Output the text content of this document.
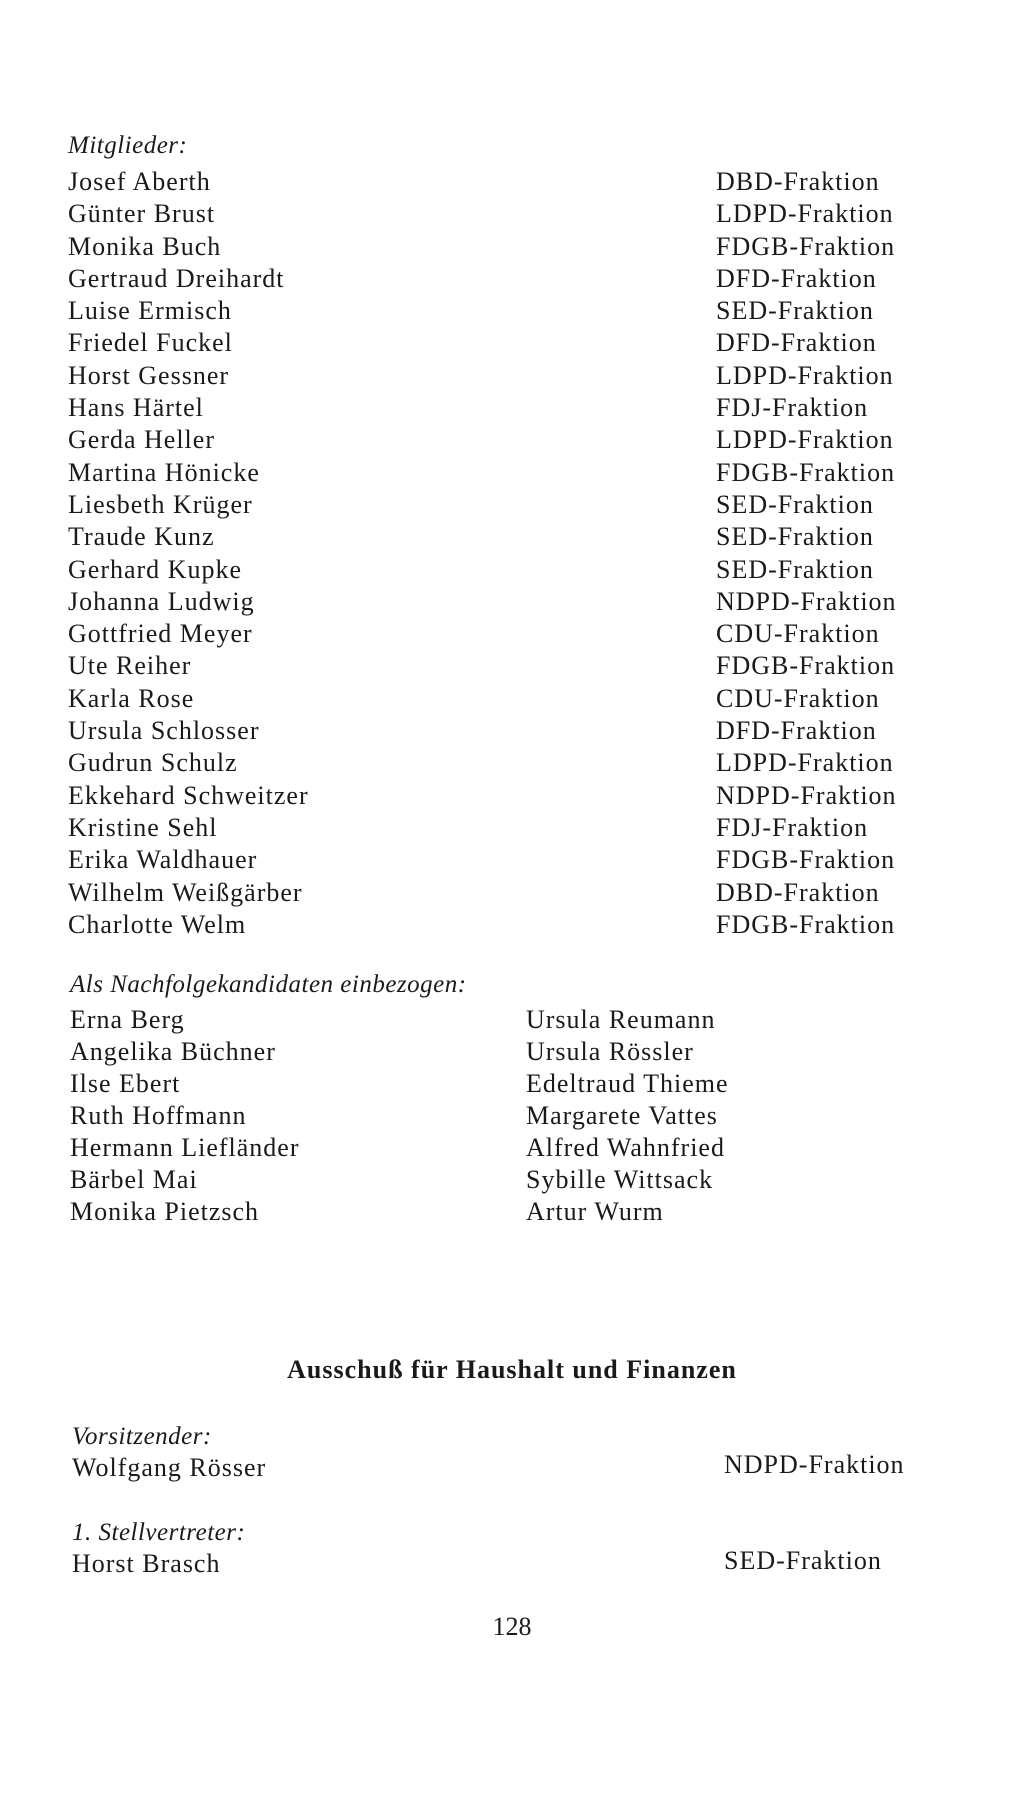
Mitglieder:
Josef Aberth	DBD-Fraktion
Günter Brust	LDPD-Fraktion
Monika Buch	FDGB-Fraktion
Gertraud Dreihardt	DFD-Fraktion
Luise Ermisch	SED-Fraktion
Friedel Fuckel	DFD-Fraktion
Horst Gessner	LDPD-Fraktion
Hans Härtel	FDJ-Fraktion
Gerda Heller	LDPD-Fraktion
Martina Hönicke	FDGB-Fraktion
Liesbeth Krüger	SED-Fraktion
Traude Kunz	SED-Fraktion
Gerhard Kupke	SED-Fraktion
Johanna Ludwig	NDPD-Fraktion
Gottfried Meyer	CDU-Fraktion
Ute Reiher	FDGB-Fraktion
Karla Rose	CDU-Fraktion
Ursula Schlosser	DFD-Fraktion
Gudrun Schulz	LDPD-Fraktion
Ekkehard Schweitzer	NDPD-Fraktion
Kristine Sehl	FDJ-Fraktion
Erika Waldhauer	FDGB-Fraktion
Wilhelm Weißgärber	DBD-Fraktion
Charlotte Welm	FDGB-Fraktion
Als Nachfolgekandidaten einbezogen:
Erna Berg	Ursula Reumann
Angelika Büchner	Ursula Rössler
Ilse Ebert	Edeltraud Thieme
Ruth Hoffmann	Margarete Vattes
Hermann Liefländer	Alfred Wahnfried
Bärbel Mai	Sybille Wittsack
Monika Pietzsch	Artur Wurm
Ausschuß für Haushalt und Finanzen
Vorsitzender:
Wolfgang Rösser	NDPD-Fraktion
1. Stellvertreter:
Horst Brasch	SED-Fraktion
128
